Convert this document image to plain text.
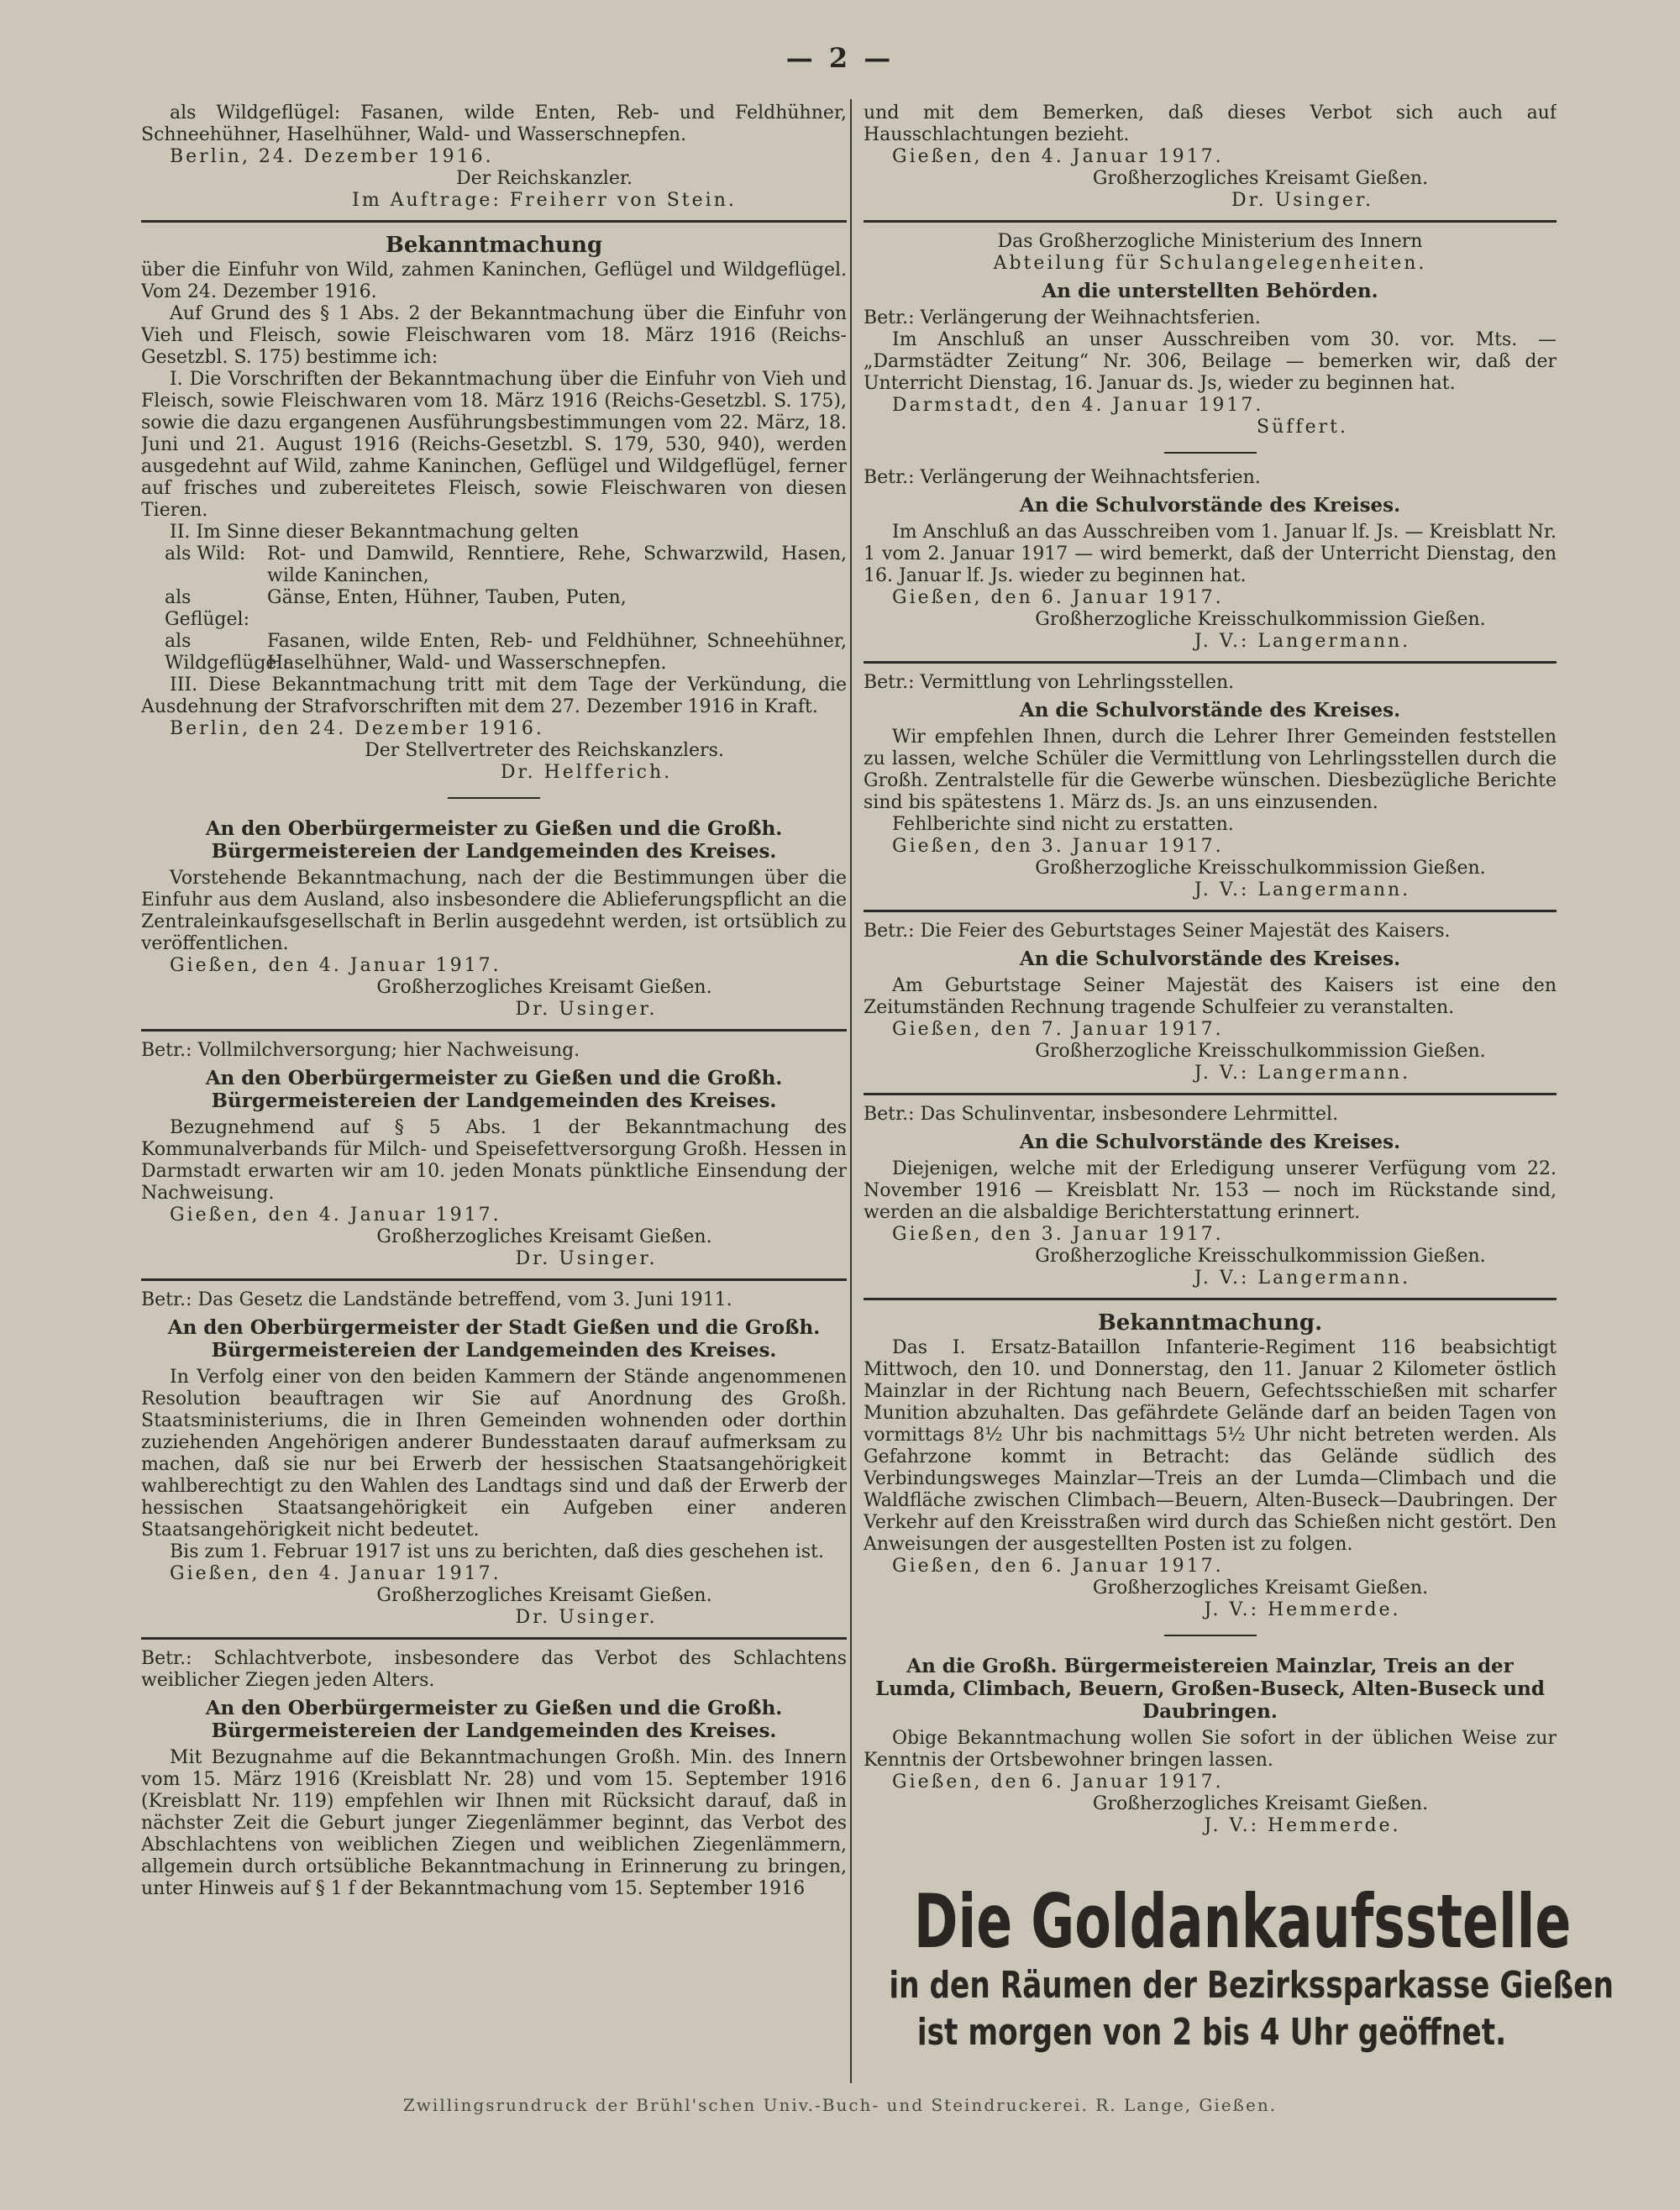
— 2 —

als Wildgeflügel: Fasanen, wilde Enten, Reb- und Feldhühner, Schneehühner, Haselhühner, Wald- und Wasserschnepfen.

Berlin, 24. Dezember 1916.

Der Reichskanzler.

Im Auftrage: Freiherr von Stein.

Bekanntmachung

über die Einfuhr von Wild, zahmen Kaninchen, Geflügel und Wildgeflügel. Vom 24. Dezember 1916.

Auf Grund des § 1 Abs. 2 der Bekanntmachung über die Einfuhr von Vieh und Fleisch, sowie Fleischwaren vom 18. März 1916 (Reichs-Gesetzbl. S. 175) bestimme ich:

I. Die Vorschriften der Bekanntmachung über die Einfuhr von Vieh und Fleisch, sowie Fleischwaren vom 18. März 1916 (Reichs-Gesetzbl. S. 175), sowie die dazu ergangenen Ausführungsbestimmungen vom 22. März, 18. Juni und 21. August 1916 (Reichs-Gesetzbl. S. 179, 530, 940), werden ausgedehnt auf Wild, zahme Kaninchen, Geflügel und Wildgeflügel, ferner auf frisches und zubereitetes Fleisch, sowie Fleischwaren von diesen Tieren.

II. Im Sinne dieser Bekanntmachung gelten

als Wild:	Rot- und Damwild, Renntiere, Rehe, Schwarzwild, Hasen, wilde Kaninchen,
als Geflügel:
Gänse, Enten, Hühner, Tauben, Puten,
als Wildgeflügel:
Fasanen, wilde Enten, Reb- und Feldhühner, Schneehühner, Haselhühner, Wald- und Wasserschnepfen.

III. Diese Bekanntmachung tritt mit dem Tage der Verkündung, die Ausdehnung der Strafvorschriften mit dem 27. Dezember 1916 in Kraft.

Berlin, den 24. Dezember 1916.

Der Stellvertreter des Reichskanzlers.

Dr. Helfferich.

An den Oberbürgermeister zu Gießen und die Großh. Bürgermeistereien der Landgemeinden des Kreises.

Vorstehende Bekanntmachung, nach der die Bestimmungen über die Einfuhr aus dem Ausland, also insbesondere die Ablieferungspflicht an die Zentraleinkaufsgesellschaft in Berlin ausgedehnt werden, ist ortsüblich zu veröffentlichen.

Gießen, den 4. Januar 1917.

Großherzogliches Kreisamt Gießen.

Dr. Usinger.

Betr.: Vollmilchversorgung; hier Nachweisung.

An den Oberbürgermeister zu Gießen und die Großh. Bürgermeistereien der Landgemeinden des Kreises.

Bezugnehmend auf § 5 Abs. 1 der Bekanntmachung des Kommunalverbands für Milch- und Speisefettversorgung Großh. Hessen in Darmstadt erwarten wir am 10. jeden Monats pünktliche Einsendung der Nachweisung.

Gießen, den 4. Januar 1917.

Großherzogliches Kreisamt Gießen.

Dr. Usinger.

Betr.: Das Gesetz die Landstände betreffend, vom 3. Juni 1911.

An den Oberbürgermeister der Stadt Gießen und die Großh. Bürgermeistereien der Landgemeinden des Kreises.

In Verfolg einer von den beiden Kammern der Stände angenommenen Resolution beauftragen wir Sie auf Anordnung des Großh. Staatsministeriums, die in Ihren Gemeinden wohnenden oder dorthin zuziehenden Angehörigen anderer Bundesstaaten darauf aufmerksam zu machen, daß sie nur bei Erwerb der hessischen Staatsangehörigkeit wahlberechtigt zu den Wahlen des Landtags sind und daß der Erwerb der hessischen Staatsangehörigkeit ein Aufgeben einer anderen Staatsangehörigkeit nicht bedeutet.

Bis zum 1. Februar 1917 ist uns zu berichten, daß dies geschehen ist.

Gießen, den 4. Januar 1917.

Großherzogliches Kreisamt Gießen.

Dr. Usinger.

Betr.: Schlachtverbote, insbesondere das Verbot des Schlachtens weiblicher Ziegen jeden Alters.

An den Oberbürgermeister zu Gießen und die Großh. Bürgermeistereien der Landgemeinden des Kreises.

Mit Bezugnahme auf die Bekanntmachungen Großh. Min. des Innern vom 15. März 1916 (Kreisblatt Nr. 28) und vom 15. September 1916 (Kreisblatt Nr. 119) empfehlen wir Ihnen mit Rücksicht darauf, daß in nächster Zeit die Geburt junger Ziegenlämmer beginnt, das Verbot des Abschlachtens von weiblichen Ziegen und weiblichen Ziegenlämmern, allgemein durch ortsübliche Bekanntmachung in Erinnerung zu bringen, unter Hinweis auf § 1 f der Bekanntmachung vom 15. September 1916

und mit dem Bemerken, daß dieses Verbot sich auch auf Hausschlachtungen bezieht.

Gießen, den 4. Januar 1917.

Großherzogliches Kreisamt Gießen.

Dr. Usinger.

Das Großherzogliche Ministerium des Innern

Abteilung für Schulangelegenheiten.

An die unterstellten Behörden.

Betr.: Verlängerung der Weihnachtsferien.

Im Anschluß an unser Ausschreiben vom 30. vor. Mts. — „Darmstädter Zeitung“ Nr. 306, Beilage — bemerken wir, daß der Unterricht Dienstag, 16. Januar ds. Js, wieder zu beginnen hat.

Darmstadt, den 4. Januar 1917.

Süffert.

Betr.: Verlängerung der Weihnachtsferien.

An die Schulvorstände des Kreises.

Im Anschluß an das Ausschreiben vom 1. Januar lf. Js. — Kreisblatt Nr. 1 vom 2. Januar 1917 — wird bemerkt, daß der Unterricht Dienstag, den 16. Januar lf. Js. wieder zu beginnen hat.

Gießen, den 6. Januar 1917.

Großherzogliche Kreisschulkommission Gießen.

J. V.: Langermann.

Betr.: Vermittlung von Lehrlingsstellen.

An die Schulvorstände des Kreises.

Wir empfehlen Ihnen, durch die Lehrer Ihrer Gemeinden feststellen zu lassen, welche Schüler die Vermittlung von Lehrlingsstellen durch die Großh. Zentralstelle für die Gewerbe wünschen. Diesbezügliche Berichte sind bis spätestens 1. März ds. Js. an uns einzusenden.

Fehlberichte sind nicht zu erstatten.

Gießen, den 3. Januar 1917.

Großherzogliche Kreisschulkommission Gießen.

J. V.: Langermann.

Betr.: Die Feier des Geburtstages Seiner Majestät des Kaisers.

An die Schulvorstände des Kreises.

Am Geburtstage Seiner Majestät des Kaisers ist eine den Zeitumständen Rechnung tragende Schulfeier zu veranstalten.

Gießen, den 7. Januar 1917.

Großherzogliche Kreisschulkommission Gießen.

J. V.: Langermann.

Betr.: Das Schulinventar, insbesondere Lehrmittel.

An die Schulvorstände des Kreises.

Diejenigen, welche mit der Erledigung unserer Verfügung vom 22. November 1916 — Kreisblatt Nr. 153 — noch im Rückstande sind, werden an die alsbaldige Berichterstattung erinnert.

Gießen, den 3. Januar 1917.

Großherzogliche Kreisschulkommission Gießen.

J. V.: Langermann.

Bekanntmachung.

Das I. Ersatz-Bataillon Infanterie-Regiment 116 beabsichtigt Mittwoch, den 10. und Donnerstag, den 11. Januar 2 Kilometer östlich Mainzlar in der Richtung nach Beuern, Gefechtsschießen mit scharfer Munition abzuhalten. Das gefährdete Gelände darf an beiden Tagen von vormittags 8½ Uhr bis nachmittags 5½ Uhr nicht betreten werden. Als Gefahrzone kommt in Betracht: das Gelände südlich des Verbindungsweges Mainzlar—Treis an der Lumda—Climbach und die Waldfläche zwischen Climbach—Beuern, Alten-Buseck—Daubringen. Der Verkehr auf den Kreisstraßen wird durch das Schießen nicht gestört. Den Anweisungen der ausgestellten Posten ist zu folgen.

Gießen, den 6. Januar 1917.

Großherzogliches Kreisamt Gießen.

J. V.: Hemmerde.

An die Großh. Bürgermeistereien Mainzlar, Treis an der Lumda, Climbach, Beuern, Großen-Buseck, Alten-Buseck und Daubringen.

Obige Bekanntmachung wollen Sie sofort in der üblichen Weise zur Kenntnis der Ortsbewohner bringen lassen.

Gießen, den 6. Januar 1917.

Großherzogliches Kreisamt Gießen.

J. V.: Hemmerde.

Die Goldankaufsstelle
in den Räumen der Bezirkssparkasse Gießen
ist morgen von 2 bis 4 Uhr geöffnet.
Zwillingsrundruck der Brühl'schen Univ.-Buch- und Steindruckerei. R. Lange, Gießen.
